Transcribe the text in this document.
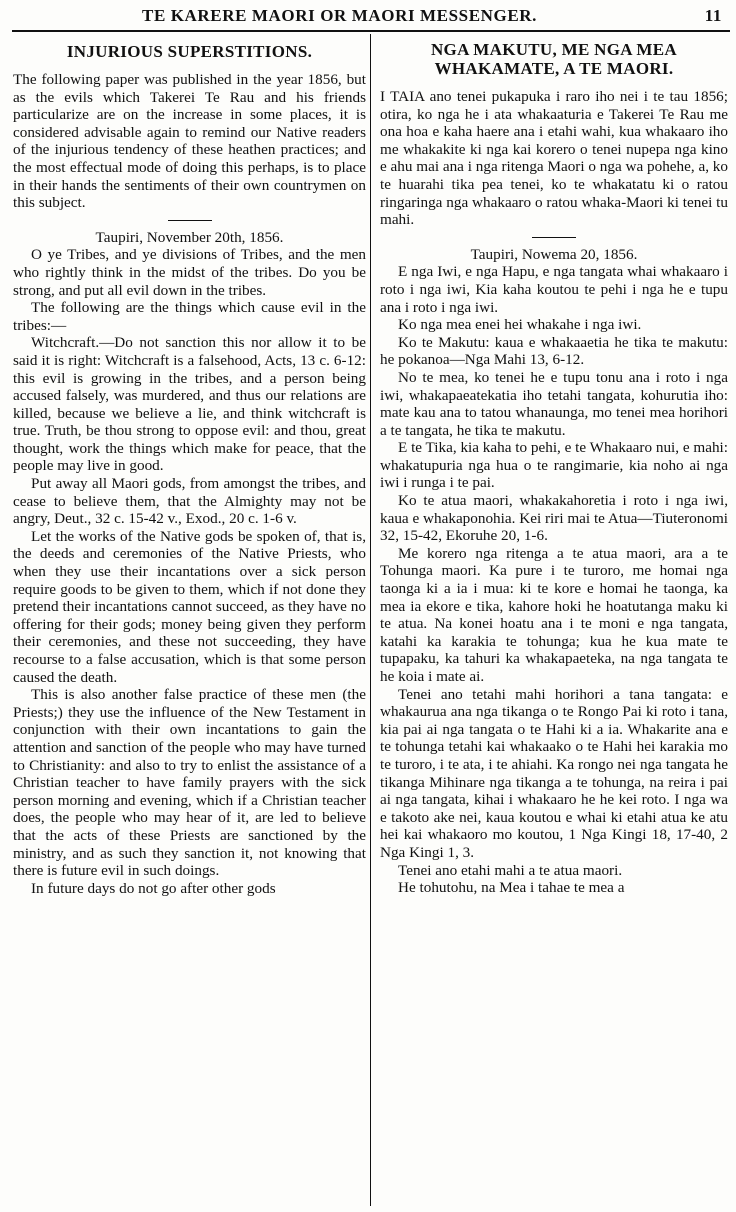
TE KARERE MAORI OR MAORI MESSENGER.	11
INJURIOUS SUPERSTITIONS.

The following paper was published in the year 1856, but as the evils which Takerei Te Rau and his friends particularize are on the increase in some places, it is considered advisable again to remind our Native readers of the injurious tendency of these heathen practices; and the most effectual mode of doing this perhaps, is to place in their hands the sentiments of their own countrymen on this subject.

Taupiri, November 20th, 1856.

O ye Tribes, and ye divisions of Tribes, and the men who rightly think in the midst of the tribes. Do you be strong, and put all evil down in the tribes.

The following are the things which cause evil in the tribes:—

Witchcraft.—Do not sanction this nor allow it to be said it is right: Witchcraft is a falsehood, Acts, 13 c. 6-12: this evil is growing in the tribes, and a person being accused falsely, was murdered, and thus our relations are killed, because we believe a lie, and think witchcraft is true. Truth, be thou strong to oppose evil: and thou, great thought, work the things which make for peace, that the people may live in good.

Put away all Maori gods, from amongst the tribes, and cease to believe them, that the Almighty may not be angry, Deut., 32 c. 15-42 v., Exod., 20 c. 1-6 v.

Let the works of the Native gods be spoken of, that is, the deeds and ceremonies of the Native Priests, who when they use their incantations over a sick person require goods to be given to them, which if not done they pretend their incantations cannot succeed, as they have no offering for their gods; money being given they perform their ceremonies, and these not succeeding, they have recourse to a false accusation, which is that some person caused the death.

This is also another false practice of these men (the Priests;) they use the influence of the New Testament in conjunction with their own incantations to gain the attention and sanction of the people who may have turned to Christianity: and also to try to enlist the assistance of a Christian teacher to have family prayers with the sick person morning and evening, which if a Christian teacher does, the people who may hear of it, are led to believe that the acts of these Priests are sanctioned by the ministry, and as such they sanction it, not knowing that there is future evil in such doings.

In future days do not go after other gods

NGA MAKUTU, ME NGA MEA WHAKAMATE, A TE MAORI.

I TAIA ano tenei pukapuka i raro iho nei i te tau 1856; otira, ko nga he i ata whakaaturia e Takerei Te Rau me ona hoa e kaha haere ana i etahi wahi, kua whakaaro iho me whakakite ki nga kai korero o tenei nupepa nga kino e ahu mai ana i nga ritenga Maori o nga wa pohehe, a, ko te huarahi tika pea tenei, ko te whakatatu ki o ratou ringaringa nga whakaaro o ratou whaka-Maori ki tenei tu mahi.

Taupiri, Nowema 20, 1856.

E nga Iwi, e nga Hapu, e nga tangata whai whakaaro i roto i nga iwi, Kia kaha koutou te pehi i nga he e tupu ana i roto i nga iwi.

Ko nga mea enei hei whakahe i nga iwi.

Ko te Makutu: kaua e whakaaetia he tika te makutu: he pokanoa—Nga Mahi 13, 6-12.

No te mea, ko tenei he e tupu tonu ana i roto i nga iwi, whakapaeatekatia iho tetahi tangata, kohurutia iho: mate kau ana to tatou whanaunga, mo tenei mea horihori a te tangata, he tika te makutu.

E te Tika, kia kaha to pehi, e te Whakaaro nui, e mahi: whakatupuria nga hua o te rangimarie, kia noho ai nga iwi i runga i te pai.

Ko te atua maori, whakakahoretia i roto i nga iwi, kaua e whakaponohia. Kei riri mai te Atua—Tiuteronomi 32, 15-42, Ekoruhe 20, 1-6.

Me korero nga ritenga a te atua maori, ara a te Tohunga maori. Ka pure i te turoro, me homai nga taonga ki a ia i mua: ki te kore e homai he taonga, ka mea ia ekore e tika, kahore hoki he hoatutanga maku ki te atua. Na konei hoatu ana i te moni e nga tangata, katahi ka karakia te tohunga; kua he kua mate te tupapaku, ka tahuri ka whakapaeteka, na nga tangata te he koia i mate ai.

Tenei ano tetahi mahi horihori a tana tangata: e whakaurua ana nga tikanga o te Rongo Pai ki roto i tana, kia pai ai nga tangata o te Hahi ki a ia. Whakarite ana e te tohunga tetahi kai whakaako o te Hahi hei karakia mo te turoro, i te ata, i te ahiahi. Ka rongo nei nga tangata he tikanga Mihinare nga tikanga a te tohunga, na reira i pai ai nga tangata, kihai i whakaaro he he kei roto. I nga wa e takoto ake nei, kaua koutou e whai ki etahi atua ke atu hei kai whakaoro mo koutou, 1 Nga Kingi 18, 17-40, 2 Nga Kingi 1, 3.

Tenei ano etahi mahi a te atua maori.

He tohutohu, na Mea i tahae te mea a
